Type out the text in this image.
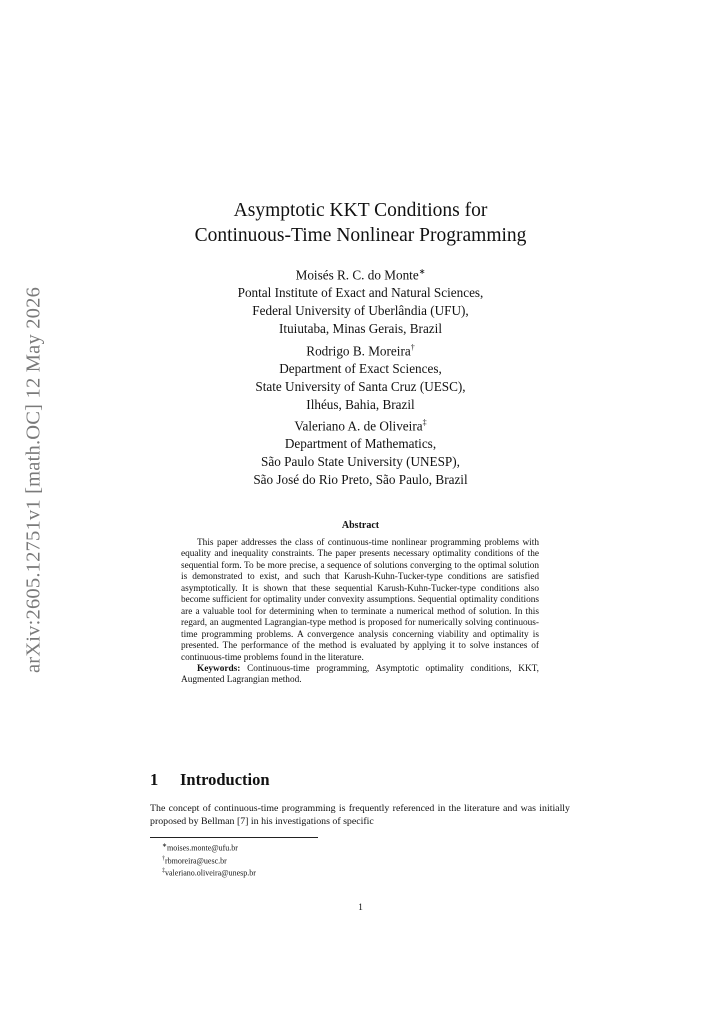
arXiv:2605.12751v1 [math.OC] 12 May 2026
Asymptotic KKT Conditions for
Continuous-Time Nonlinear Programming
Moisés R. C. do Monte∗
Pontal Institute of Exact and Natural Sciences,
Federal University of Uberlândia (UFU),
Ituiutaba, Minas Gerais, Brazil
Rodrigo B. Moreira†
Department of Exact Sciences,
State University of Santa Cruz (UESC),
Ilhéus, Bahia, Brazil
Valeriano A. de Oliveira‡
Department of Mathematics,
São Paulo State University (UNESP),
São José do Rio Preto, São Paulo, Brazil
Abstract

This paper addresses the class of continuous-time nonlinear programming problems with equality and inequality constraints. The paper presents necessary optimality conditions of the sequential form. To be more precise, a sequence of solutions converging to the optimal solution is demonstrated to exist, and such that Karush-Kuhn-Tucker-type conditions are satisfied asymptotically. It is shown that these sequential Karush-Kuhn-Tucker-type conditions also become sufficient for optimality under convexity assumptions. Sequential optimality conditions are a valuable tool for determining when to terminate a numerical method of solution. In this regard, an augmented Lagrangian-type method is proposed for numerically solving continuous-time programming problems. A convergence analysis concerning viability and optimality is presented. The performance of the method is evaluated by applying it to solve instances of continuous-time problems found in the literature.

Keywords: Continuous-time programming, Asymptotic optimality conditions, KKT, Augmented Lagrangian method.

1 Introduction
The concept of continuous-time programming is frequently referenced in the literature and was initially proposed by Bellman [7] in his investigations of specific
∗moises.monte@ufu.br
†rbmoreira@uesc.br
‡valeriano.oliveira@unesp.br
1
